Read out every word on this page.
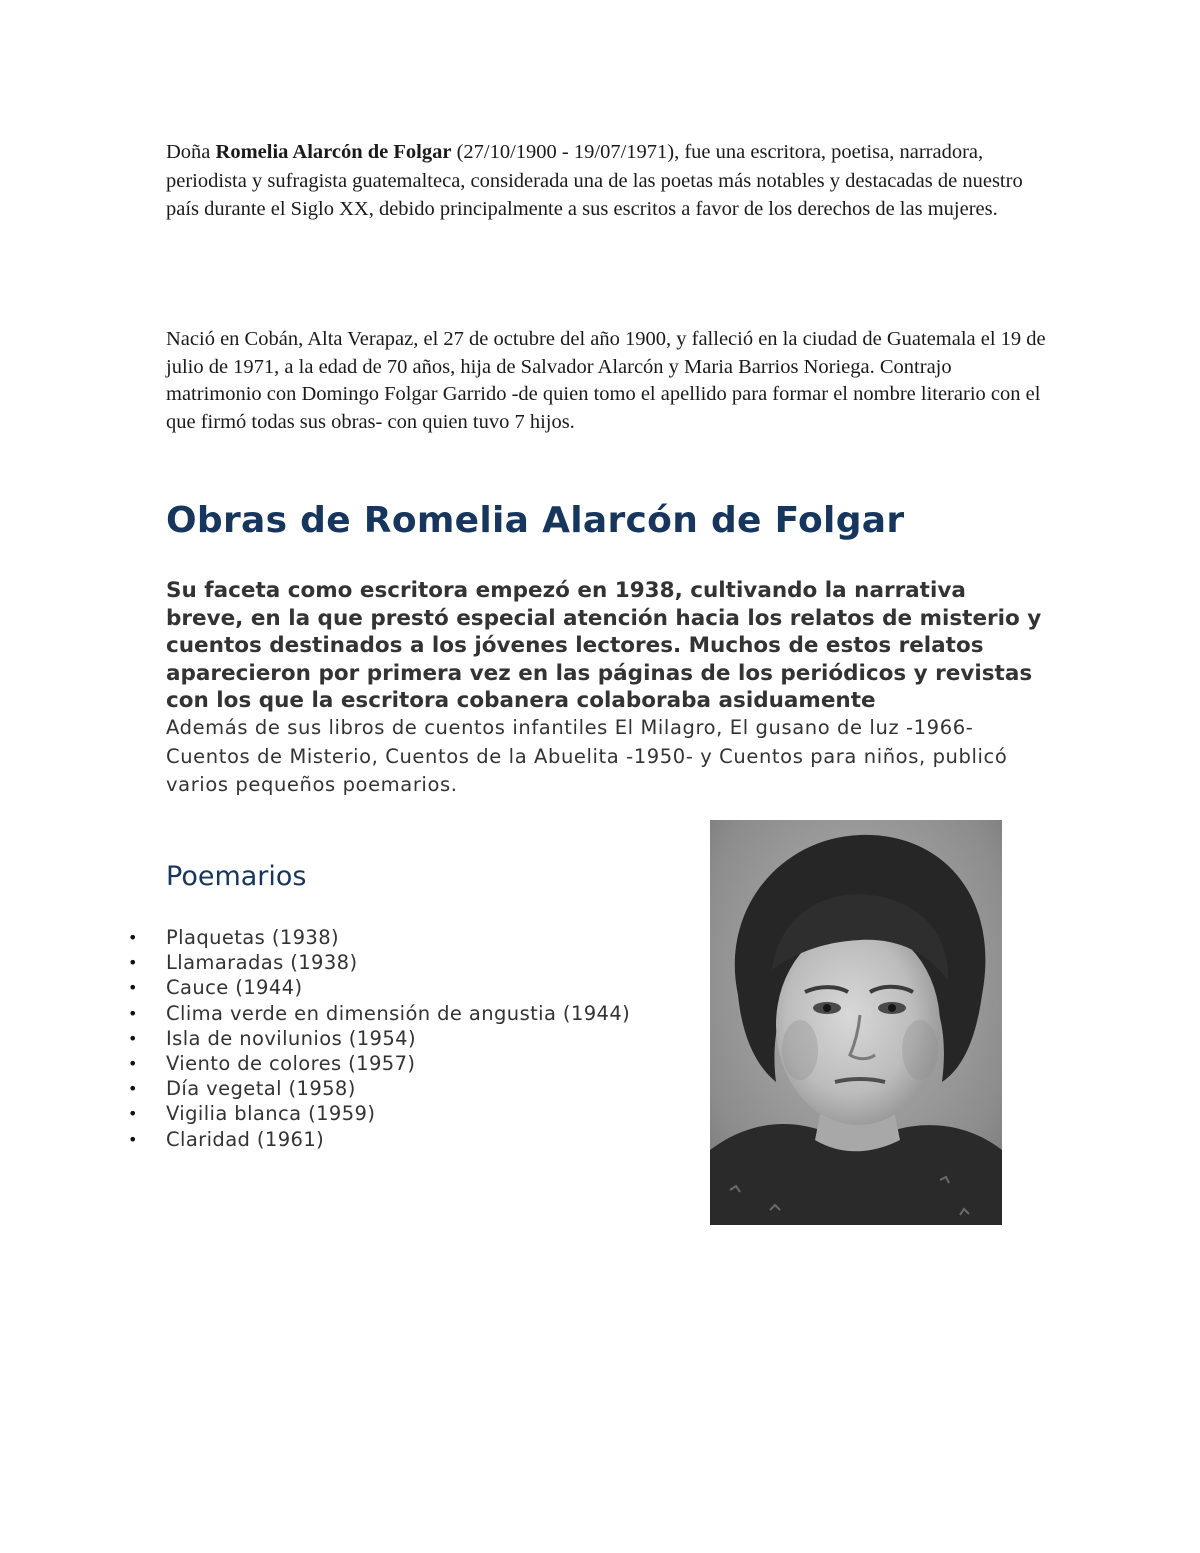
Doña Romelia Alarcón de Folgar (27/10/1900 - 19/07/1971), fue una escritora, poetisa, narradora, periodista y sufragista guatemalteca, considerada una de las poetas más notables y destacadas de nuestro país durante el Siglo XX, debido principalmente a sus escritos a favor de los derechos de las mujeres.

Nació en Cobán, Alta Verapaz, el 27 de octubre del año 1900, y falleció en la ciudad de Guatemala el 19 de julio de 1971, a la edad de 70 años, hija de Salvador Alarcón y Maria Barrios Noriega. Contrajo matrimonio con Domingo Folgar Garrido -de quien tomo el apellido para formar el nombre literario con el que firmó todas sus obras- con quien tuvo 7 hijos.

Obras de Romelia Alarcón de Folgar

Su faceta como escritora empezó en 1938, cultivando la narrativa breve, en la que prestó especial atención hacia los relatos de misterio y cuentos destinados a los jóvenes lectores. Muchos de estos relatos aparecieron por primera vez en las páginas de los periódicos y revistas con los que la escritora cobanera colaboraba asiduamente

Además de sus libros de cuentos infantiles El Milagro, El gusano de luz -1966- Cuentos de Misterio, Cuentos de la Abuelita -1950- y Cuentos para niños, publicó varios pequeños poemarios.

Poemarios
• Plaquetas (1938)
• Llamaradas (1938)
• Cauce (1944)
• Clima verde en dimensión de angustia (1944)
• Isla de novilunios (1954)
• Viento de colores (1957)
• Día vegetal (1958)
• Vigilia blanca (1959)
• Claridad (1961)
